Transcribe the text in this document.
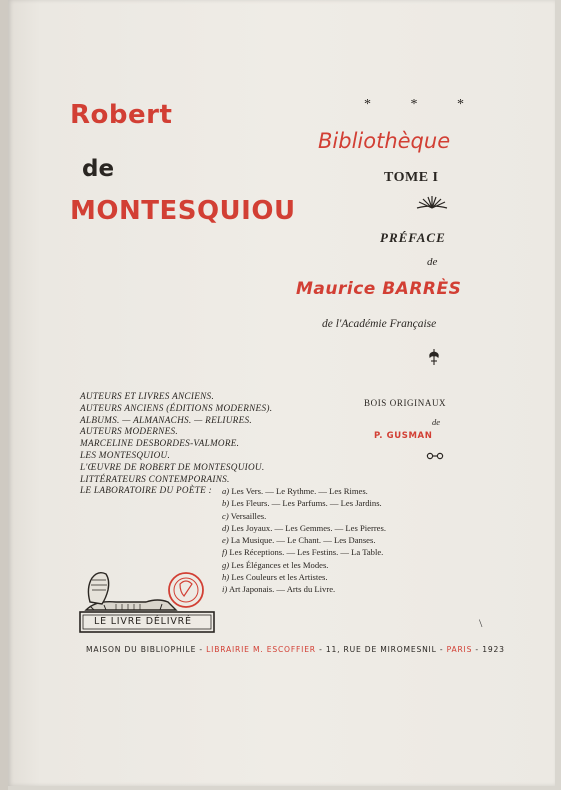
Robert
de
MONTESQUIOU
* * *
Bibliothèque
TOME I
PRÉFACE
de
Maurice BARRÈS
de l'Académie Française
AUTEURS ET LIVRES ANCIENS.
AUTEURS ANCIENS (ÉDITIONS MODERNES).
ALBUMS. — ALMANACHS. — RELIURES.
AUTEURS MODERNES.
MARCELINE DESBORDES-VALMORE.
LES MONTESQUIOU.
L'ŒUVRE DE ROBERT DE MONTESQUIOU.
LITTÉRATEURS CONTEMPORAINS.
LE LABORATOIRE DU POÈTE :	a) Les Vers. — Le Rythme. — Les Rimes.
b) Les Fleurs. — Les Parfums. — Les Jardins.
c) Versailles.
d) Les Joyaux. — Les Gemmes. — Les Pierres.
e) La Musique. — Le Chant. — Les Danses.
f) Les Réceptions. — Les Festins. — La Table.
g) Les Élégances et les Modes.
h) Les Couleurs et les Artistes.
i) Art Japonais. — Arts du Livre.
BOIS ORIGINAUX
de
P. GUSMAN
LE LIVRE DÉLIVRÉ
MAISON DU BIBLIOPHILE - LIBRAIRIE M. ESCOFFIER - 11, RUE DE MIROMESNIL - PARIS - 1923
\
